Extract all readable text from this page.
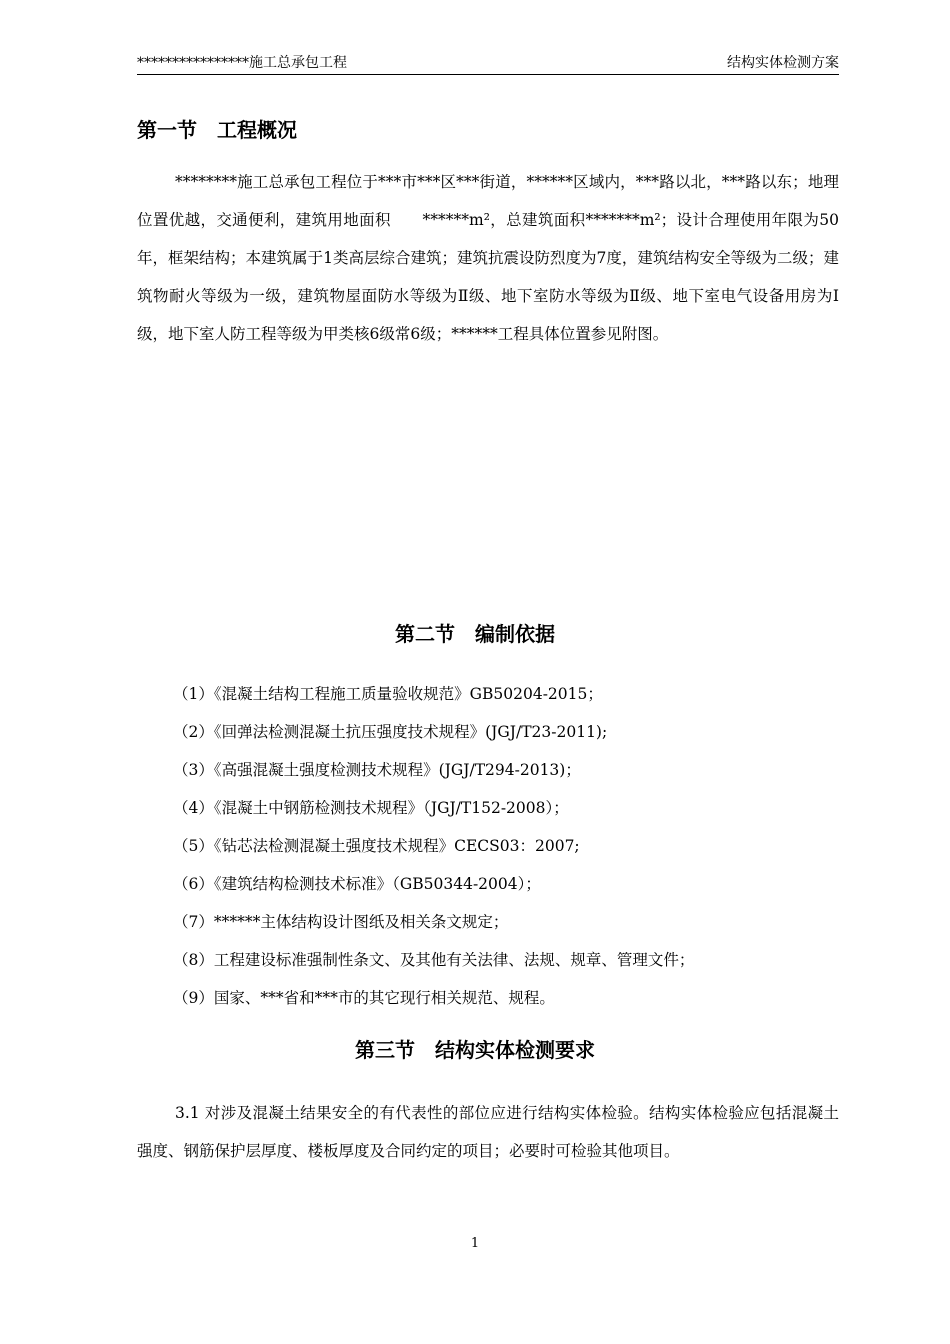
****************施工总承包工程	结构实体检测方案
第一节　工程概况
********施工总承包工程位于***市***区***街道，******区域内，***路以北，***路以东；地理位置优越，交通便利，建筑用地面积　　******m²，总建筑面积*******m²；设计合理使用年限为50年，框架结构；本建筑属于1类高层综合建筑；建筑抗震设防烈度为7度，建筑结构安全等级为二级；建筑物耐火等级为一级，建筑物屋面防水等级为Ⅱ级、地下室防水等级为Ⅱ级、地下室电气设备用房为Ⅰ级，地下室人防工程等级为甲类核6级常6级；******工程具体位置参见附图。
第二节　编制依据
（1）《混凝土结构工程施工质量验收规范》GB50204-2015；
（2）《回弹法检测混凝土抗压强度技术规程》(JGJ/T23-2011);
（3）《高强混凝土强度检测技术规程》(JGJ/T294-2013)；
（4）《混凝土中钢筋检测技术规程》（JGJ/T152-2008）；
（5）《钻芯法检测混凝土强度技术规程》CECS03：2007;
（6）《建筑结构检测技术标准》（GB50344-2004）；
（7）******主体结构设计图纸及相关条文规定；
（8）工程建设标准强制性条文、及其他有关法律、法规、规章、管理文件；
（9）国家、***省和***市的其它现行相关规范、规程。
第三节　结构实体检测要求
3.1 对涉及混凝土结果安全的有代表性的部位应进行结构实体检验。结构实体检验应包括混凝土强度、钢筋保护层厚度、楼板厚度及合同约定的项目；必要时可检验其他项目。
1
